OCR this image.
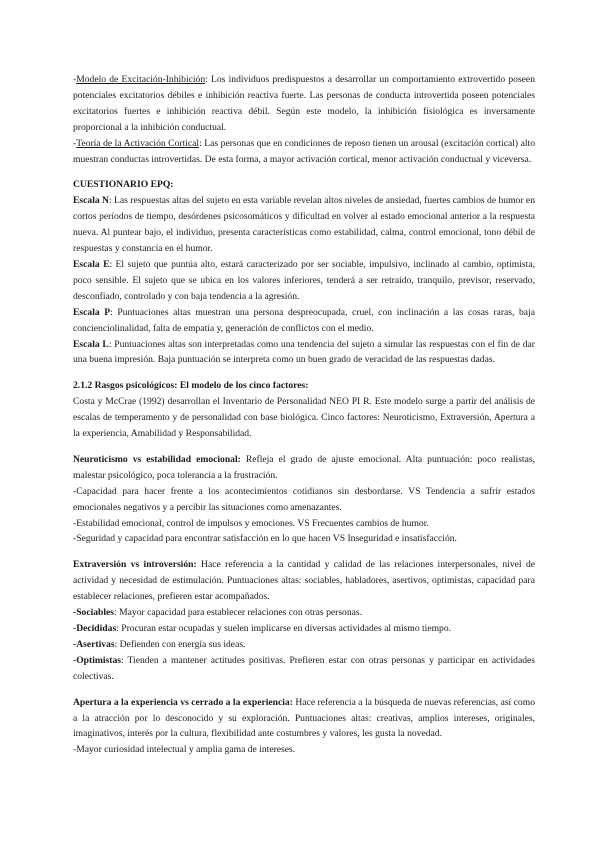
-Modelo de Excitación-Inhibición: Los individuos predispuestos a desarrollar un comportamiento extrovertido poseen potenciales excitatorios débiles e inhibición reactiva fuerte. Las personas de conducta introvertida poseen potenciales excitatorios fuertes e inhibición reactiva débil. Según este modelo, la inhibición fisiológica es inversamente proporcional a la inhibición conductual.

-Teoría de la Activación Cortical: Las personas que en condiciones de reposo tienen un arousal (excitación cortical) alto muestran conductas introvertidas. De esta forma, a mayor activación cortical, menor activación conductual y viceversa.

CUESTIONARIO EPQ:

Escala N: Las respuestas altas del sujeto en esta variable revelan altos niveles de ansiedad, fuertes cambios de humor en cortos períodos de tiempo, desórdenes psicosomáticos y dificultad en volver al estado emocional anterior a la respuesta nueva. Al puntear bajo, el individuo, presenta características como estabilidad, calma, control emocional, tono débil de respuestas y constancia en el humor.

Escala E: El sujeto que puntúa alto, estará caracterizado por ser sociable, impulsivo, inclinado al cambio, optimista, poco sensible. El sujeto que se ubica en los valores inferiores, tenderá a ser retraído, tranquilo, previsor, reservado, desconfiado, controlado y con baja tendencia a la agresión.

Escala P: Puntuaciones altas muestran una persona despreocupada, cruel, con inclinación a las cosas raras, baja concienciolinalidad, falta de empatía y, generación de conflictos con el medio.

Escala L: Puntuaciones altas son interpretadas como una tendencia del sujeto a simular las respuestas con el fin de dar una buena impresión. Baja puntuación se interpreta como un buen grado de veracidad de las respuestas dadas.

2.1.2 Rasgos psicológicos: El modelo de los cinco factores:

Costa y McCrae (1992) desarrollan el Inventario de Personalidad NEO PI R. Este modelo surge a partir del análisis de escalas de temperamento y de personalidad con base biológica. Cinco factores: Neuroticismo, Extraversión, Apertura a la experiencia, Amabilidad y Responsabilidad.

Neuroticismo vs estabilidad emocional: Refleja el grado de ajuste emocional. Alta puntuación: poco realistas, malestar psicológico, poca tolerancia a la frustración.

-Capacidad para hacer frente a los acontecimientos cotidianos sin desbordarse. VS Tendencia a sufrir estados emocionales negativos y a percibir las situaciones como amenazantes.

-Estabilidad emocional, control de impulsos y emociones. VS Frecuentes cambios de humor.

-Seguridad y capacidad para encontrar satisfacción en lo que hacen VS Inseguridad e insatisfacción.

Extraversión vs introversión: Hace referencia a la cantidad y calidad de las relaciones interpersonales, nivel de actividad y necesidad de estimulación. Puntuaciones altas: sociables, habladores, asertivos, optimistas, capacidad para establecer relaciones, prefieren estar acompañados.

-Sociables: Mayor capacidad para establecer relaciones con otras personas.

-Decididas: Procuran estar ocupadas y suelen implicarse en diversas actividades al mismo tiempo.

-Asertivas: Defienden con energía sus ideas.

-Optimistas: Tienden a mantener actitudes positivas. Prefieren estar con otras personas y participar en actividades colectivas.

Apertura a la experiencia vs cerrado a la experiencia: Hace referencia a la búsqueda de nuevas referencias, así como a la atracción por lo desconocido y su exploración. Puntuaciones altas: creativas, amplios intereses, originales, imaginativos, interés por la cultura, flexibilidad ante costumbres y valores, les gusta la novedad.

-Mayor curiosidad intelectual y amplia gama de intereses.
